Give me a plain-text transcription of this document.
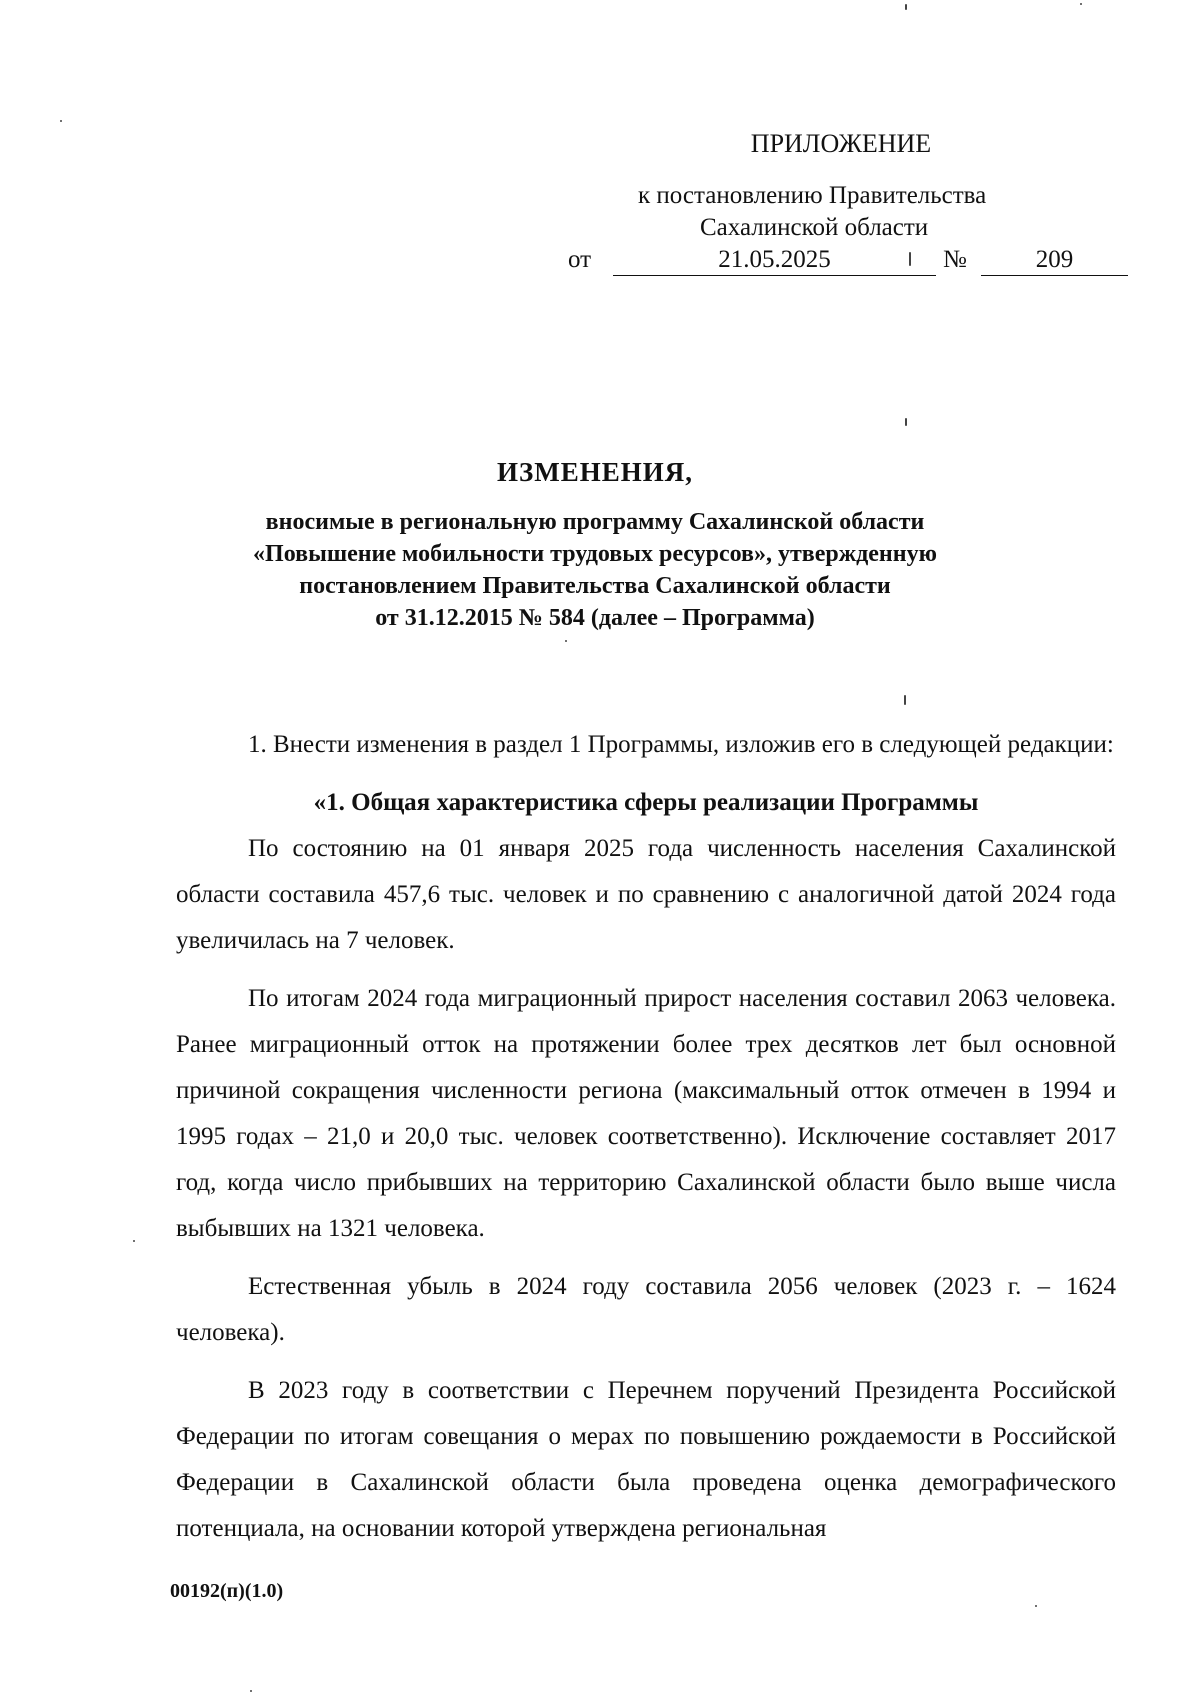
ПРИЛОЖЕНИЕ
к постановлению Правительства
Сахалинской области
от	21.05.2025	№	209
ИЗМЕНЕНИЯ,
вносимые в региональную программу Сахалинской области
«Повышение мобильности трудовых ресурсов», утвержденную
постановлением Правительства Сахалинской области
от 31.12.2015 № 584 (далее – Программа)

1. Внести изменения в раздел 1 Программы, изложив его в следующей редакции:

«1. Общая характеристика сферы реализации Программы

По состоянию на 01 января 2025 года численность населения Сахалинской области составила 457,6 тыс. человек и по сравнению с аналогичной датой 2024 года увеличилась на 7 человек.

По итогам 2024 года миграционный прирост населения составил 2063 человека. Ранее миграционный отток на протяжении более трех десятков лет был основной причиной сокращения численности региона (максимальный отток отмечен в 1994 и 1995 годах – 21,0 и 20,0 тыс. человек соответственно). Исключение составляет 2017 год, когда число прибывших на территорию Сахалинской области было выше числа выбывших на 1321 человека.

Естественная убыль в 2024 году составила 2056 человек (2023 г. – 1624 человека).

В 2023 году в соответствии с Перечнем поручений Президента Российской Федерации по итогам совещания о мерах по повышению рождаемости в Российской Федерации в Сахалинской области была проведена оценка демографического потенциала, на основании которой утверждена региональная

00192(п)(1.0)
